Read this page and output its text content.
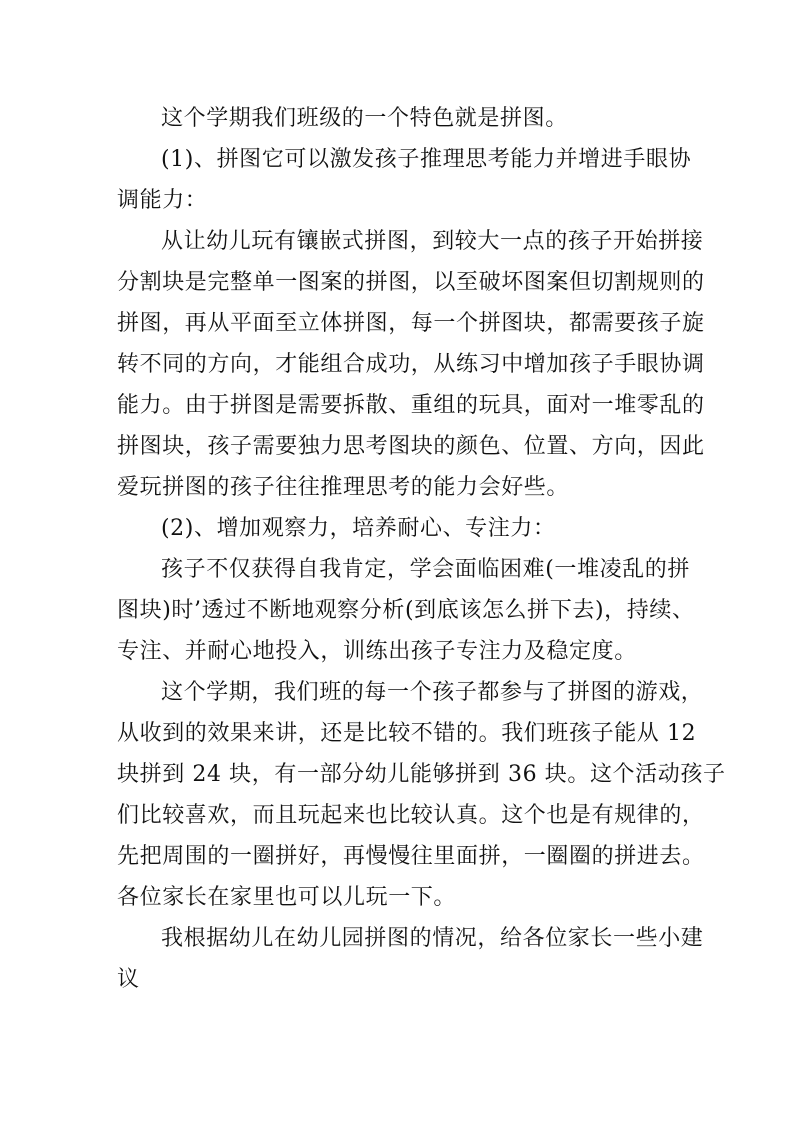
这个学期我们班级的一个特色就是拼图。
(1)、拼图它可以激发孩子推理思考能力并增进手眼协
调能力：
从让幼儿玩有镶嵌式拼图，到较大一点的孩子开始拼接
分割块是完整单一图案的拼图，以至破坏图案但切割规则的
拼图，再从平面至立体拼图，每一个拼图块，都需要孩子旋
转不同的方向，才能组合成功，从练习中增加孩子手眼协调
能力。由于拼图是需要拆散、重组的玩具，面对一堆零乱的
拼图块，孩子需要独力思考图块的颜色、位置、方向，因此
爱玩拼图的孩子往往推理思考的能力会好些。
(2)、增加观察力，培养耐心、专注力：
孩子不仅获得自我肯定，学会面临困难(一堆凌乱的拼
图块)时’透过不断地观察分析(到底该怎么拼下去)，持续、
专注、并耐心地投入，训练出孩子专注力及稳定度。
这个学期，我们班的每一个孩子都参与了拼图的游戏，
从收到的效果来讲，还是比较不错的。我们班孩子能从 12
块拼到 24 块，有一部分幼儿能够拼到 36 块。这个活动孩子
们比较喜欢，而且玩起来也比较认真。这个也是有规律的，
先把周围的一圈拼好，再慢慢往里面拼，一圈圈的拼进去。
各位家长在家里也可以儿玩一下。
我根据幼儿在幼儿园拼图的情况，给各位家长一些小建
议
